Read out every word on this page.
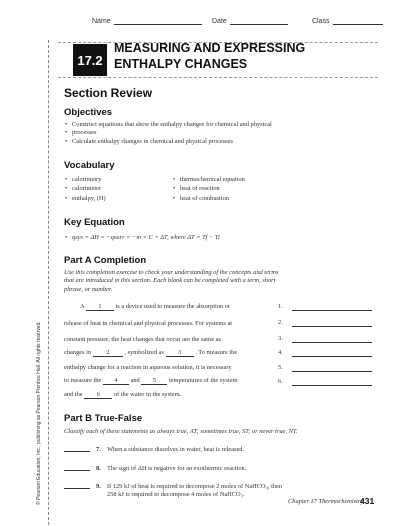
Name	Date	Class
17.2
MEASURING AND EXPRESSING
ENTHALPY CHANGES
Section Review
Objectives
• Construct equations that show the enthalpy changes for chemical and physical
• processes
• Calculate enthalpy changes in chemical and physical processes
Vocabulary
• calorimetry
• calorimeter
• enthalpy, (H)
• thermochemical equation
• heat of reaction
• heat of combustion
Key Equation
• qsys = ΔH = −qsurr = −m × C × ΔT, where ΔT = Tf − Ti
Part A Completion
Use this completion exercise to check your understanding of the concepts and terms
that are introduced in this section. Each blank can be completed with a term, short
phrase, or number.
A 1 is a device used to measure the absorption or
release of heat in chemical and physical processes. For systems at
constant pressure, the heat changes that occur are the same as
changes in 2 , symbolized as 3 . To measure the
enthalpy change for a reaction in aqueous solution, it is necessary
to measure the 4 and 5 temperatures of the system
and the 6 of the water in the system.
1.
2.
3.
4.
5.
6.
Part B True-False
Classify each of these statements as always true, AT; sometimes true, ST; or never true, NT.
7. When a substance dissolves in water, heat is released.
8. The sign of ΔH is negative for an exothermic reaction.
9. If 129 kJ of heat is required to decompose 2 moles of NaHCO₃, then
258 kJ is required to decompose 4 moles of NaHCO₃.
© Pearson Education, Inc., publishing as Pearson Prentice Hall. All rights reserved.	Chapter 17 Thermochemistry
431
